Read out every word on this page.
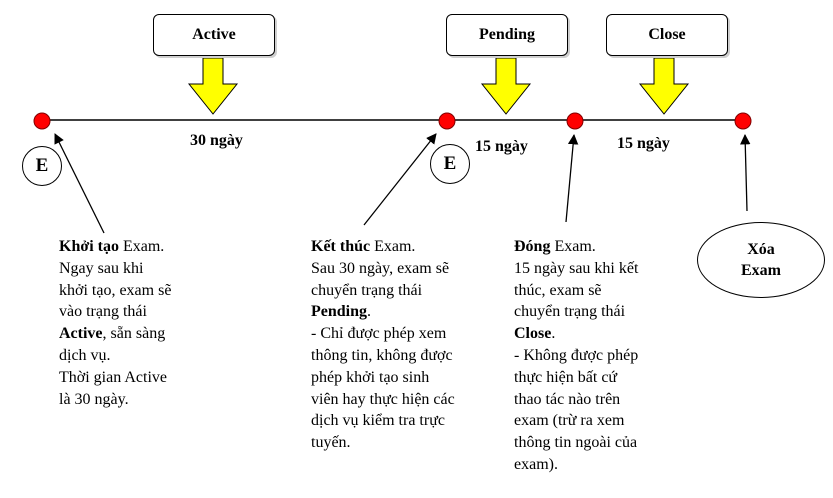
Active	Pending	Close
30 ngày	15 ngày	15 ngày
E	E
Xóa
Exam
Khởi tạo Exam.
Ngay sau khi
khởi tạo, exam sẽ
vào trạng thái
Active, sẵn sàng
dịch vụ.
Thời gian Active
là 30 ngày.
Kết thúc Exam.
Sau 30 ngày, exam sẽ
chuyển trạng thái
Pending.
- Chỉ được phép xem
thông tin, không được
phép khởi tạo sinh
viên hay thực hiện các
dịch vụ kiểm tra trực
tuyến.
Đóng Exam.
15 ngày sau khi kết
thúc, exam sẽ
chuyển trạng thái
Close.
- Không được phép
thực hiện bất cứ
thao tác nào trên
exam (trừ ra xem
thông tin ngoài của
exam).
